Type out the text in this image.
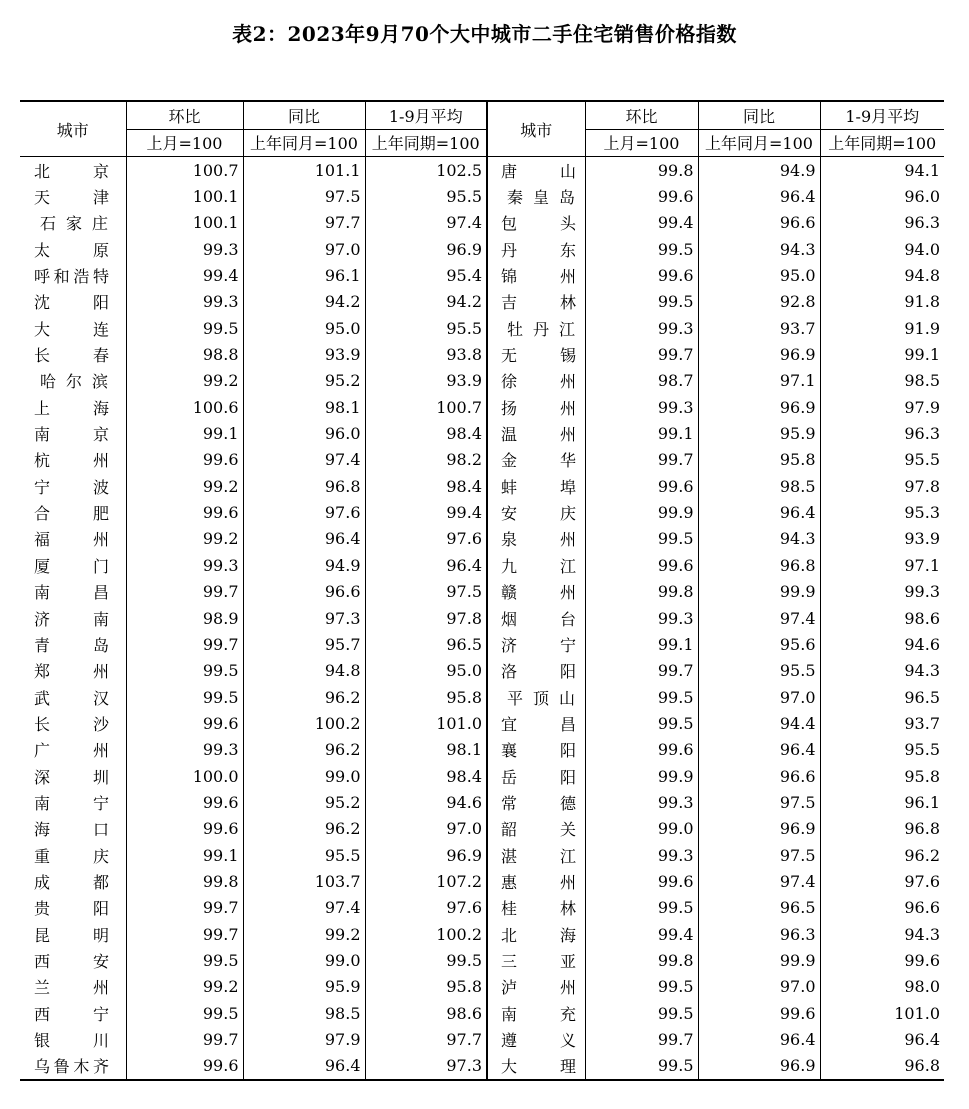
表2：2023年9月70个大中城市二手住宅销售价格指数
城市	环比	同比	1-9月平均	城市	环比	同比	1-9月平均
	上月=100	上年同月=100	上年同期=100		上月=100	上年同月=100	上年同期=100
北京	100.7	101.1	102.5	唐山	99.8	94.9	94.1
天津	100.1	97.5	95.5	秦皇岛	99.6	96.4	96.0
石家庄	100.1	97.7	97.4	包头	99.4	96.6	96.3
太原	99.3	97.0	96.9	丹东	99.5	94.3	94.0
呼和浩特	99.4	96.1	95.4	锦州	99.6	95.0	94.8
沈阳	99.3	94.2	94.2	吉林	99.5	92.8	91.8
大连	99.5	95.0	95.5	牡丹江	99.3	93.7	91.9
长春	98.8	93.9	93.8	无锡	99.7	96.9	99.1
哈尔滨	99.2	95.2	93.9	徐州	98.7	97.1	98.5
上海	100.6	98.1	100.7	扬州	99.3	96.9	97.9
南京	99.1	96.0	98.4	温州	99.1	95.9	96.3
杭州	99.6	97.4	98.2	金华	99.7	95.8	95.5
宁波	99.2	96.8	98.4	蚌埠	99.6	98.5	97.8
合肥	99.6	97.6	99.4	安庆	99.9	96.4	95.3
福州	99.2	96.4	97.6	泉州	99.5	94.3	93.9
厦门	99.3	94.9	96.4	九江	99.6	96.8	97.1
南昌	99.7	96.6	97.5	赣州	99.8	99.9	99.3
济南	98.9	97.3	97.8	烟台	99.3	97.4	98.6
青岛	99.7	95.7	96.5	济宁	99.1	95.6	94.6
郑州	99.5	94.8	95.0	洛阳	99.7	95.5	94.3
武汉	99.5	96.2	95.8	平顶山	99.5	97.0	96.5
长沙	99.6	100.2	101.0	宜昌	99.5	94.4	93.7
广州	99.3	96.2	98.1	襄阳	99.6	96.4	95.5
深圳	100.0	99.0	98.4	岳阳	99.9	96.6	95.8
南宁	99.6	95.2	94.6	常德	99.3	97.5	96.1
海口	99.6	96.2	97.0	韶关	99.0	96.9	96.8
重庆	99.1	95.5	96.9	湛江	99.3	97.5	96.2
成都	99.8	103.7	107.2	惠州	99.6	97.4	97.6
贵阳	99.7	97.4	97.6	桂林	99.5	96.5	96.6
昆明	99.7	99.2	100.2	北海	99.4	96.3	94.3
西安	99.5	99.0	99.5	三亚	99.8	99.9	99.6
兰州	99.2	95.9	95.8	泸州	99.5	97.0	98.0
西宁	99.5	98.5	98.6	南充	99.5	99.6	101.0
银川	99.7	97.9	97.7	遵义	99.7	96.4	96.4
乌鲁木齐	99.6	96.4	97.3	大理	99.5	96.9	96.8
